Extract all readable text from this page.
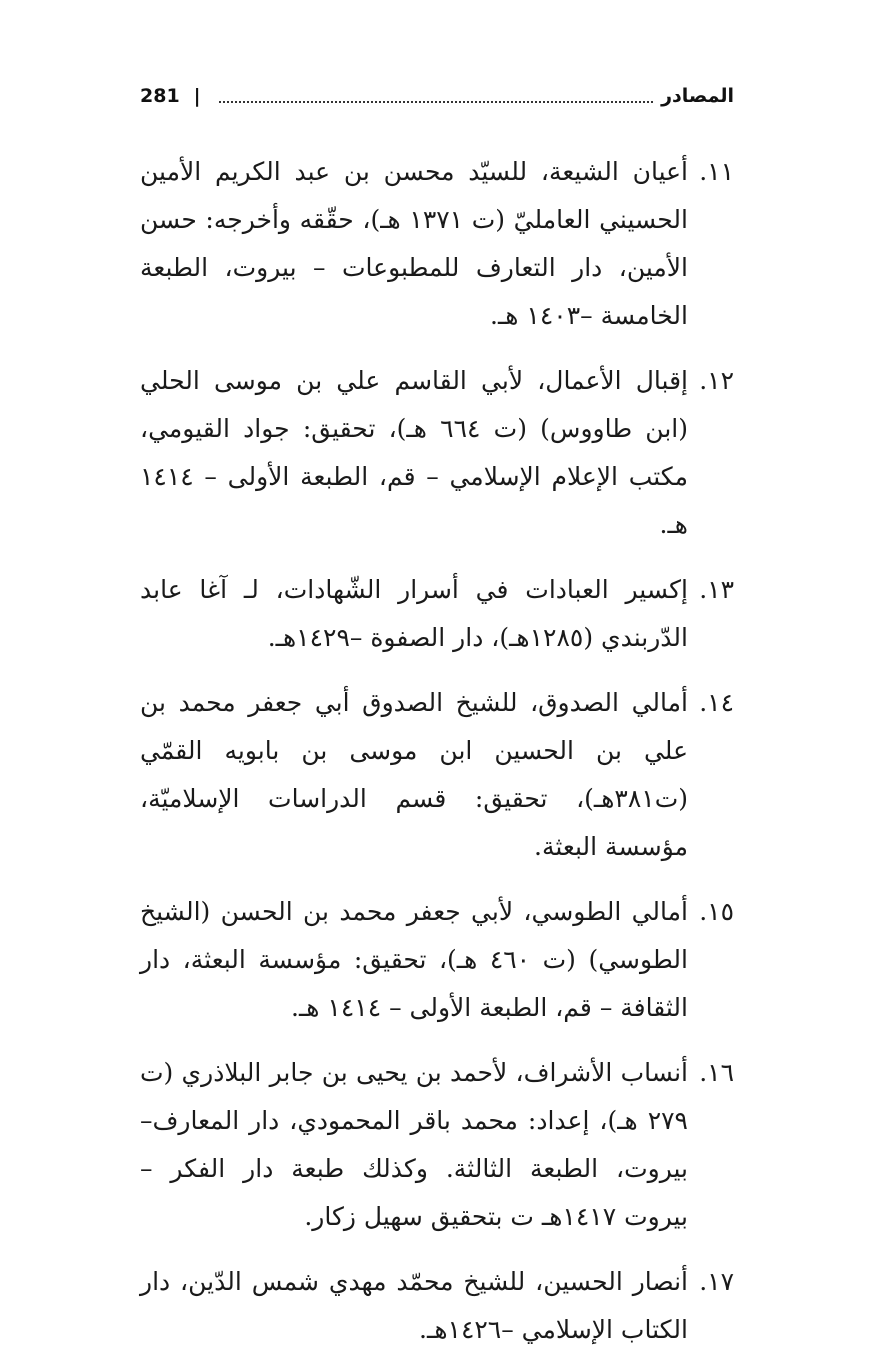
المصادر
|
281
١١.
أعيان الشيعة، للسيّد محسن بن عبد الكريم الأمين الحسيني العامليّ (ت ١٣٧١ هـ)، حقّقه وأخرجه: حسن الأمين، دار التعارف للمطبوعات – بيروت، الطبعة الخامسة –١٤٠٣ هـ.
١٢.
إقبال الأعمال، لأبي القاسم علي بن موسى الحلي (ابن طاووس) (ت ٦٦٤ هـ)، تحقيق: جواد القيومي، مكتب الإعلام الإسلامي – قم، الطبعة الأولى – ١٤١٤ هـ.
١٣.
إكسير العبادات في أسرار الشّهادات، لـ آغا عابد الدّربندي (١٢٨٥هـ)، دار الصفوة –١٤٢٩هـ.
١٤.
أمالي الصدوق، للشيخ الصدوق أبي جعفر محمد بن علي بن الحسين ابن موسى بن بابويه القمّي (ت٣٨١هـ)، تحقيق: قسم الدراسات الإسلاميّة، مؤسسة البعثة.
١٥.
أمالي الطوسي، لأبي جعفر محمد بن الحسن (الشيخ الطوسي) (ت ٤٦٠ هـ)، تحقيق: مؤسسة البعثة، دار الثقافة – قم، الطبعة الأولى – ١٤١٤ هـ.
١٦.
أنساب الأشراف، لأحمد بن يحيى بن جابر البلاذري (ت ٢٧٩ هـ)، إعداد: محمد باقر المحمودي، دار المعارف– بيروت، الطبعة الثالثة. وكذلك طبعة دار الفكر – بيروت ١٤١٧هـ ت بتحقيق سهيل زكار.
١٧.
أنصار الحسين، للشيخ محمّد مهدي شمس الدّين، دار الكتاب الإسلامي –١٤٢٦هـ.
